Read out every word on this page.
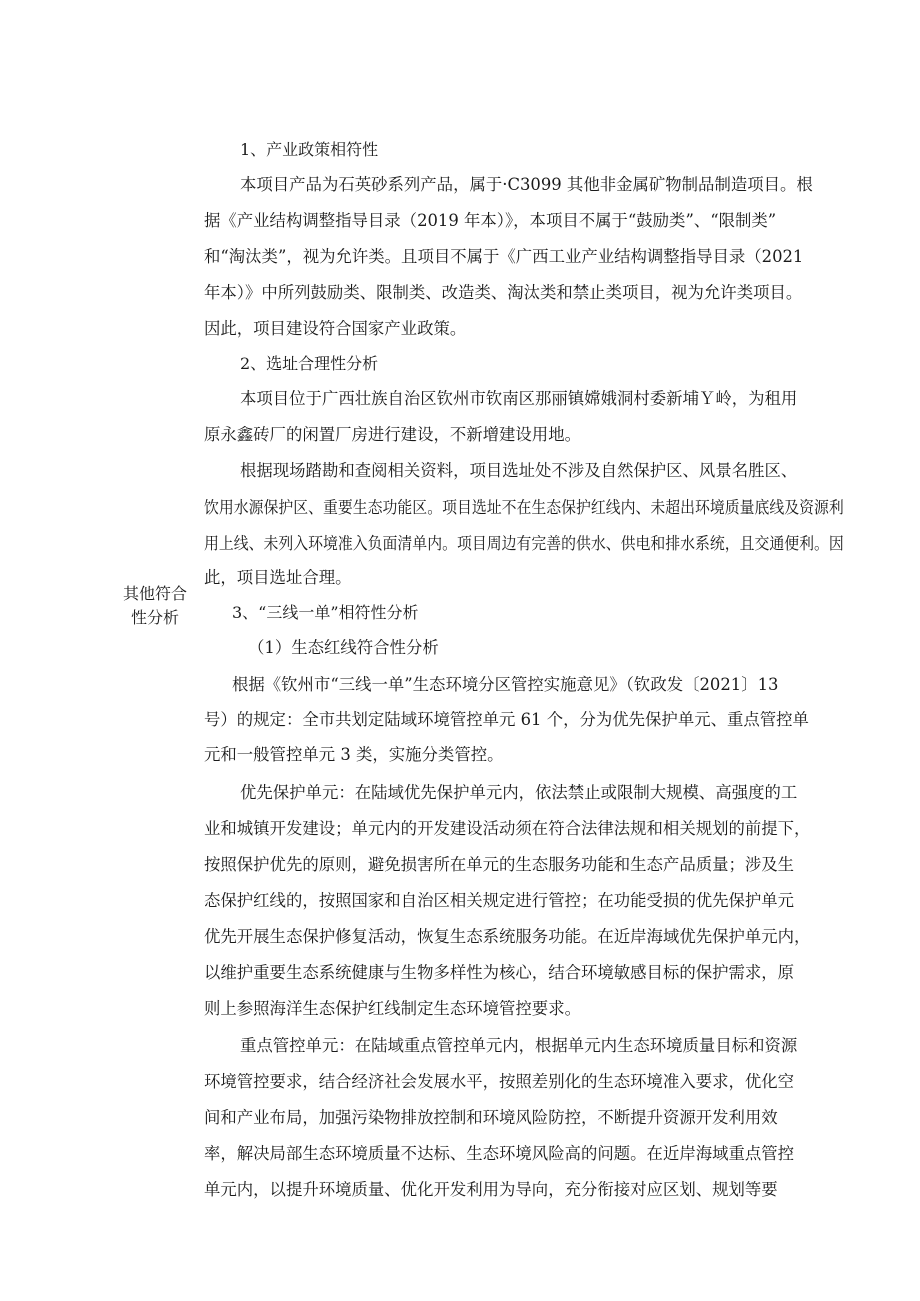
其他符合
性分析
1、产业政策相符性
本项目产品为石英砂系列产品，属于·C3099 其他非金属矿物制品制造项目。根
据《产业结构调整指导目录（2019 年本）》，本项目不属于“鼓励类”、“限制类”
和“淘汰类”，视为允许类。且项目不属于《广西工业产业结构调整指导目录（2021
年本）》中所列鼓励类、限制类、改造类、淘汰类和禁止类项目，视为允许类项目。
因此，项目建设符合国家产业政策。
2、选址合理性分析
本项目位于广西壮族自治区钦州市钦南区那丽镇嫦娥洞村委新埔Ｙ岭，为租用
原永鑫砖厂的闲置厂房进行建设，不新增建设用地。
根据现场踏勘和查阅相关资料，项目选址处不涉及自然保护区、风景名胜区、
饮用水源保护区、重要生态功能区。项目选址不在生态保护红线内、未超出环境质量底线及资源利
用上线、未列入环境准入负面清单内。项目周边有完善的供水、供电和排水系统，且交通便利。因
此，项目选址合理。
3、“三线一单”相符性分析
（1）生态红线符合性分析
根据《钦州市“三线一单”生态环境分区管控实施意见》（钦政发〔2021〕13
号）的规定：全市共划定陆域环境管控单元 61 个，分为优先保护单元、重点管控单
元和一般管控单元 3 类，实施分类管控。
优先保护单元：在陆域优先保护单元内，依法禁止或限制大规模、高强度的工
业和城镇开发建设；单元内的开发建设活动须在符合法律法规和相关规划的前提下，
按照保护优先的原则，避免损害所在单元的生态服务功能和生态产品质量；涉及生
态保护红线的，按照国家和自治区相关规定进行管控；在功能受损的优先保护单元
优先开展生态保护修复活动，恢复生态系统服务功能。在近岸海域优先保护单元内，
以维护重要生态系统健康与生物多样性为核心，结合环境敏感目标的保护需求，原
则上参照海洋生态保护红线制定生态环境管控要求。
重点管控单元：在陆域重点管控单元内，根据单元内生态环境质量目标和资源
环境管控要求，结合经济社会发展水平，按照差别化的生态环境准入要求，优化空
间和产业布局，加强污染物排放控制和环境风险防控，不断提升资源开发利用效
率，解决局部生态环境质量不达标、生态环境风险高的问题。在近岸海域重点管控
单元内，以提升环境质量、优化开发利用为导向，充分衔接对应区划、规划等要
